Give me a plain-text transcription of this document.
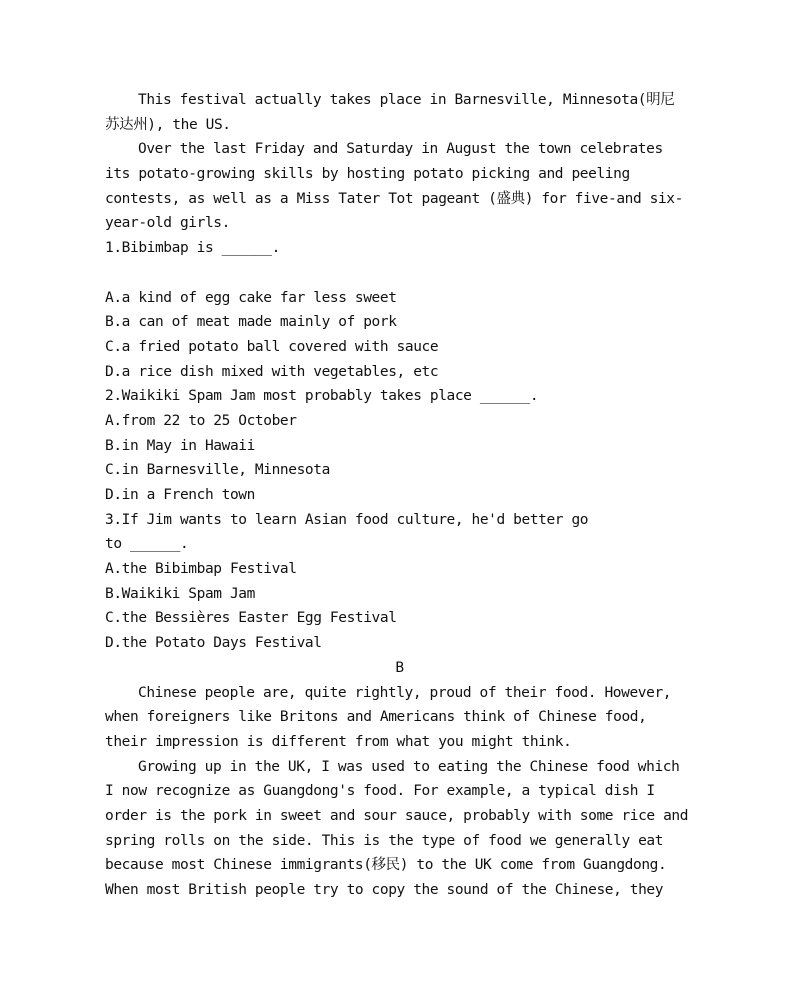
This festival actually takes place in Barnesville, Minnesota(明尼
苏达州), the US.
Over the last Friday and Saturday in August the town celebrates
its potato-growing skills by hosting potato picking and peeling
contests, as well as a Miss Tater Tot pageant (盛典) for five-and six-
year-old girls.
1.Bibimbap is ______.
A.a kind of egg cake far less sweet
B.a can of meat made mainly of pork
C.a fried potato ball covered with sauce
D.a rice dish mixed with vegetables, etc
2.Waikiki Spam Jam most probably takes place ______.
A.from 22 to 25 October
B.in May in Hawaii
C.in Barnesville, Minnesota
D.in a French town
3.If Jim wants to learn Asian food culture, he'd better go
to ______.
A.the Bibimbap Festival
B.Waikiki Spam Jam
C.the Bessières Easter Egg Festival
D.the Potato Days Festival
B
Chinese people are, quite rightly, proud of their food. However,
when foreigners like Britons and Americans think of Chinese food,
their impression is different from what you might think.
Growing up in the UK, I was used to eating the Chinese food which
I now recognize as Guangdong's food. For example, a typical dish I
order is the pork in sweet and sour sauce, probably with some rice and
spring rolls on the side. This is the type of food we generally eat
because most Chinese immigrants(移民) to the UK come from Guangdong.
When most British people try to copy the sound of the Chinese, they
